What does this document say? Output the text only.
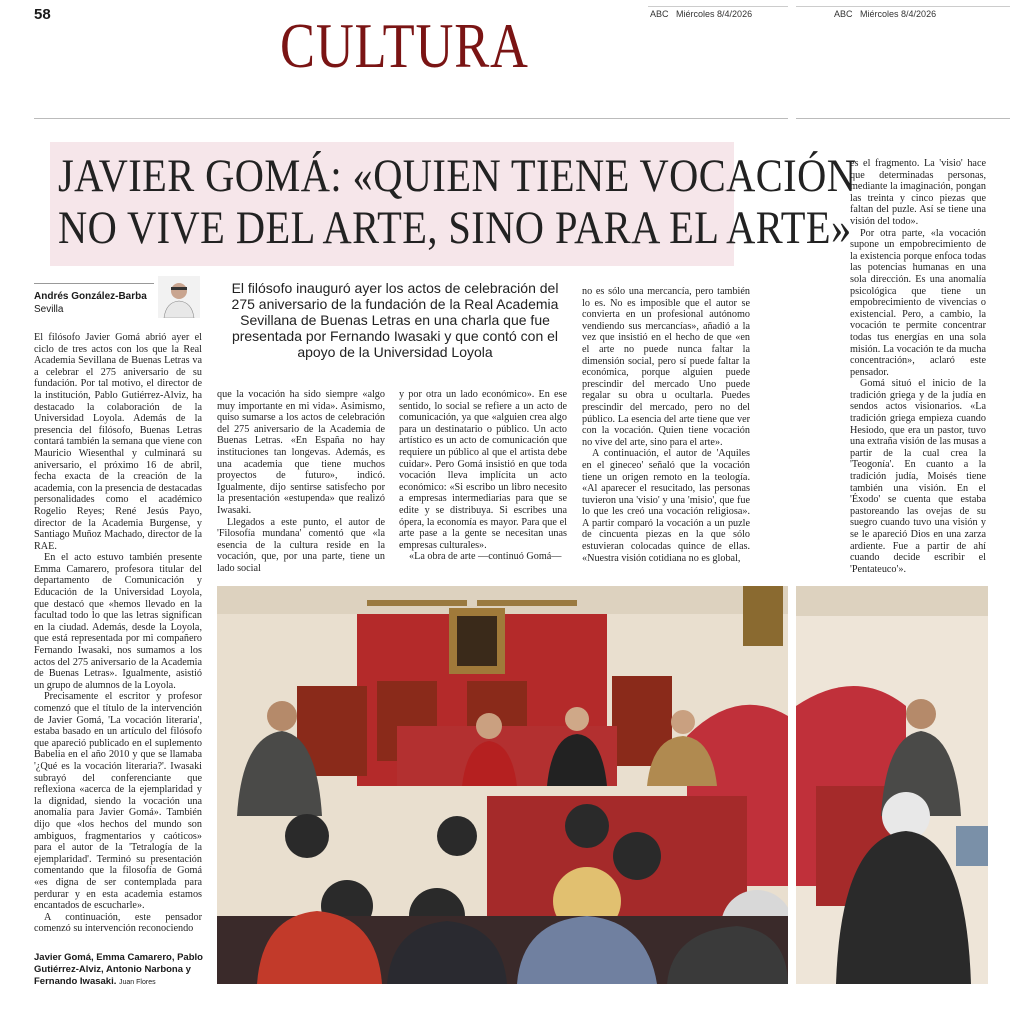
58	CULTURA	ABC Miércoles 8/4/2026	ABC Miércoles 8/4/2026
JAVIER GOMÁ: «QUIEN TIENE VOCACIÓN
NO VIVE DEL ARTE, SINO PARA EL ARTE»
Andrés González-Barba
Sevilla
El filósofo inauguró ayer los actos de celebración del 275 aniversario de la fundación de la Real Academia Sevillana de Buenas Letras en una charla que fue presentada por Fernando Iwasaki y que contó con el apoyo de la Universidad Loyola

El filósofo Javier Gomá abrió ayer el ciclo de tres actos con los que la Real Academia Sevillana de Buenas Letras va a celebrar el 275 aniversario de su fundación. Por tal motivo, el director de la institución, Pablo Gutiérrez-Alviz, ha destacado la colaboración de la Universidad Loyola. Además de la presencia del filósofo, Buenas Letras contará también la semana que viene con Mauricio Wiesenthal y culminará su aniversario, el próximo 16 de abril, fecha exacta de la creación de la academia, con la presencia de destacadas personalidades como el académico Rogelio Reyes; René Jesús Payo, director de la Academia Burgense, y Santiago Muñoz Machado, director de la RAE.

En el acto estuvo también presente Emma Camarero, profesora titular del departamento de Comunicación y Educación de la Universidad Loyola, que destacó que «hemos llevado en la facultad todo lo que las letras significan en la ciudad. Además, desde la Loyola, que está representada por mi compañero Fernando Iwasaki, nos sumamos a los actos del 275 aniversario de la Academia de Buenas Letras». Igualmente, asistió un grupo de alumnos de la Loyola.

Precisamente el escritor y profesor comenzó que el título de la intervención de Javier Gomá, 'La vocación literaria', estaba basado en un artículo del filósofo que apareció publicado en el suplemento Babelia en el año 2010 y que se llamaba '¿Qué es la vocación literaria?'. Iwasaki subrayó del conferenciante que reflexiona «acerca de la ejemplaridad y la dignidad, siendo la vocación una anomalía para Javier Gomá». También dijo que «los hechos del mundo son ambiguos, fragmentarios y caóticos» para el autor de la 'Tetralogía de la ejemplaridad'. Terminó su presentación comentando que la filosofía de Gomá «es digna de ser contemplada para perdurar y en esta academia estamos encantados de escucharle».

A continuación, este pensador comenzó su intervención reconociendo

que la vocación ha sido siempre «algo muy importante en mi vida». Asimismo, quiso sumarse a los actos de celebración del 275 aniversario de la Academia de Buenas Letras. «En España no hay instituciones tan longevas. Además, es una academia que tiene muchos proyectos de futuro», indicó. Igualmente, dijo sentirse satisfecho por la presentación «estupenda» que realizó Iwasaki.

Llegados a este punto, el autor de 'Filosofía mundana' comentó que «la esencia de la cultura reside en la vocación, que, por una parte, tiene un lado social

y por otra un lado económico». En ese sentido, lo social se refiere a un acto de comunicación, ya que «alguien crea algo para un destinatario o público. Un acto artístico es un acto de comunicación que requiere un público al que el artista debe cuidar». Pero Gomá insistió en que toda vocación lleva implícita un acto económico: «Si escribo un libro necesito a empresas intermediarias para que se edite y se distribuya. Si escribes una ópera, la economía es mayor. Para que el arte pase a la gente se necesitan unas empresas culturales».

«La obra de arte —continuó Gomá—

no es sólo una mercancía, pero también lo es. No es imposible que el autor se convierta en un profesional autónomo vendiendo sus mercancías», añadió a la vez que insistió en el hecho de que «en el arte no puede nunca faltar la dimensión social, pero sí puede faltar la económica, porque alguien puede prescindir del mercado Uno puede regalar su obra u ocultarla. Puedes prescindir del mercado, pero no del público. La esencia del arte tiene que ver con la vocación. Quien tiene vocación no vive del arte, sino para el arte».

A continuación, el autor de 'Aquiles en el gineceo' señaló que la vocación tiene un origen remoto en la teología. «Al aparecer el resucitado, las personas tuvieron una 'visio' y una 'misio', que fue lo que les creó una vocación religiosa». A partir comparó la vocación a un puzle de cincuenta piezas en la que sólo estuvieran colocadas quince de ellas. «Nuestra visión cotidiana no es global,

es el fragmento. La 'visio' hace que determinadas personas, mediante la imaginación, pongan las treinta y cinco piezas que faltan del puzle. Así se tiene una visión del todo».

Por otra parte, «la vocación supone un empobrecimiento de la existencia porque enfoca todas las potencias humanas en una sola dirección. Es una anomalía psicológica que tiene un empobrecimiento de vivencias o existencial. Pero, a cambio, la vocación te permite concentrar todas tus energías en una sola misión. La vocación te da mucha concentración», aclaró este pensador.

Gomá situó el inicio de la tradición griega y de la judía en sendos actos visionarios. «La tradición griega empieza cuando Hesiodo, que era un pastor, tuvo una extraña visión de las musas a partir de la cual crea la 'Teogonía'. En cuanto a la tradición judía, Moisés tiene también una visión. En el 'Éxodo' se cuenta que estaba pastoreando las ovejas de su suegro cuando tuvo una visión y se le apareció Dios en una zarza ardiente. Fue a partir de ahí cuando decide escribir el 'Pentateuco'».

Javier Gomá, Emma Camarero, Pablo Gutiérrez-Alviz, Antonio Narbona y Fernando Iwasaki. Juan Flores
